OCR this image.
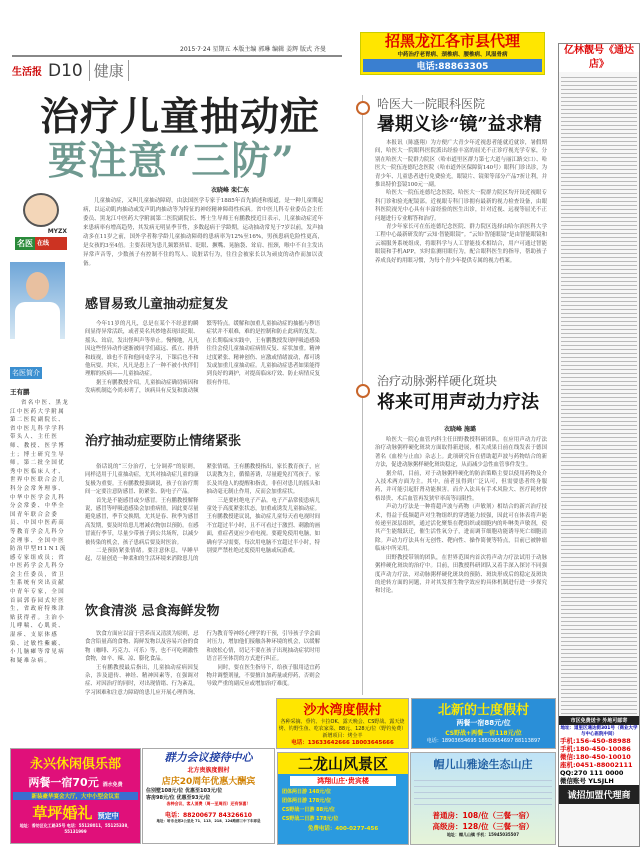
2015·7·24 星期五 本版主编 郭琳 编辑 姜辉 版式 齐曼
生活报 D10 健康
治疗儿童抽动症
要注意“三防”
衣晓峰 栾仁东
MYZX
名医 在线
名医简介
王有鹏
省名中医、黑龙江中医药大学附属第二医院副院长、省中医儿科学学科带头人、主任医师、教授、医学博士；博士研究生导师。第二批全国优秀中医临床人才、世界中医联合会儿科分会常务理事、中华中医学会儿科分会常委、中华全国青年联合会委员、中国中医药高等教育学会儿科分会理事、全国中医防治甲型H1N1流感专家组成员；省中医药学会儿科分会主任委员，省卫生系统有突出贡献中青年专家，全国首届郭春园式好医生，省政府特殊津贴获得者。主治小儿哮喘、心肌炎、湿疹、支原体感染、过敏性紫癜、小儿脑瘫等常见病和疑难杂病。
儿童抽动症，又叫儿童抽动障碍，由法国医学专家于1885年首先描述和报道，是一种儿童期起病，以运动肌肉抽动或发声肌肉抽动等为特征的神经精神障碍性疾病。省中医儿科专业委员会主任委员、黑龙江中医药大学附属第二医院副院长、博士生导师王有鹏教授近日表示，儿童抽动症近年来患病率有增高趋势，其发病无明显季节性，多数起病于学龄期，运动抽动常见于7岁以前，发声抽动多在11岁之前，国外学者称学龄儿童抽动障碍的患病率为12%至16%，男孩患病危险性更高，是女孩的3至4倍。主要表现为患儿频繁挤眉、眨眼、撅嘴、晃脑袋、耸肩、扭颈，喉中不自主发出异常声音等，少数孩子有控制不住的骂人、说脏话行为，往往会被家长以为顽皮的动作而加以责备。
感冒易致儿童抽动症复发

今年11岁的凡凡，总是在某个不经意的瞬间显得异常活跃，或者莫名其妙地表现出眨眼、摇头、耸肩，发出怪叫声等举止。慢慢地，凡凡因这些怪异动作逐渐被同学们疏远、孤立、排挤和歧视，谁也不肯和他同桌学习，下课后也不和他玩耍。其实，凡凡是患上了一种不被小伙伴们理解的疾病——儿童抽动症。

据王有鹏教授介绍，儿童抽动症确切病因和发病机制迄今尚未明了，该病具有反复和波动频繁等特点。缓解和加重儿童抽动症的抽搐与秽语症状并不艰难，难的是控制和防止此病的复发。在长期临床实践中，王有鹏教授发现呼吸道感染往往会使儿童抽动症病情反复、症状加重。精神过度紧张、精神创伤、应激或情绪波动，都可诱发或加重儿童抽动症。儿童抽动症患者如果能得到良好的调护，对提高临床疗效、防止病情反复很有作用。

治疗抽动症要防止情绪紧张

俗话说的“三分治疗，七分调养”的原则，同样适用于儿童抽动症，尤其对抽动症儿童的康复极为重要。王有鹏教授强调说，孩子在治疗期间一定要注意防感冒、防紧张、防电子产品。

首先是不能感冒或少感冒。王有鹏教授解释说，感冒等呼吸道感染会加重病情，因此要尽量避免感冒，季节交换期，尤其是春、秋季为感冒高发期，要及时给患儿增减衣物加以预防。在感冒流行季节，尽量少带孩子到公共场所，以减少被传染的机会，孩子患病后要及时医治。

二是预防紧张情绪。要注意休息，早睡早起，尽量创造一种柔和的生活环境来消除患儿的紧张情绪。王有鹏教授指出，家长教育孩子，应以说教为主，循循善诱，尽量避免打骂孩子。家长及其他人的提醒和指责，非但对患儿的摇头和抽动毫无制止作用，反而会加重症状。

三是要杜绝电子产品。电子产品常使患病儿童处于高度紧张状态，加重或诱发儿童抽动症。王有鹏教授建议说，抽动症儿童每天看电视时间不宜超过半小时，且不可看过于激烈、刺激的画面，重症者更应少看电视。要避免使用电脑，如确有学习需要，每次用电脑不宜超过半小时，特别要严禁杜绝过度使用电脑或玩游戏。

饮食清淡 忌食海鲜发物

饮食方面应以富于营养而又清淡为原则，忌食含铅量高的食物、海鲜发物以及容易兴奋的食物（咖啡、巧克力、可乐）等，也不可吃刺激性食物，如辛、辣、凉、膨化食品。

王有鹏教授最后指出，儿童抽动症病因复杂，涉及遗传、神经、精神因素等，在强调对症、对因治疗的同时，对出现情绪、行为紊乱，学习困难和注意力障碍的患儿应开展心理咨询、行为教育等神经心理学的干预，引导孩子学会面对压力，增加他们接触各种环境的机会，以缓解和放松心情，切记不要在孩子出现抽动症状时用语言甚至体罚的方式进行纠正。

同时，要在医生指导下，给孩子服用适宜药物并调整剂量，不要擅自加药量或停药，否则会导致严重的副反应或增加治疗难度。

哈医大一院眼科医院
暑期义诊“镜”益求精

本报讯（陈盛翔）为方便广大青少年近视患者能就近就诊，暑假期间，哈医大一院眼科医院派出经验丰富的屈光不正诊疗视光学专家，分别在哈医大一院群力院区（哈市道里区群力第七大道与丽江路交口）、哈医大一院伍连德纪念医院（哈市道外区保障街140号）眼科门诊出诊，为青少年、儿童患者进行免费验光，眼镜片、镜架等部分产品7折让利，并推出特价套镜100元一副。

哈医大一院伍连德纪念医院、哈医大一院群力院区均开设近视眼专科门诊和验光配镜部。近视眼专科门诊拥有最新的视力检查设备，由眼科医院视光中心具有丰富经验的医生出诊，针对近视、远视等屈光不正问题进行专业解答和治疗。

青少年家长可在伍连德纪念医院、群力院区选择由哈尔滨医科大学工程中心最新研发的“云知·智能眼镜”。“云知·智能眼镜”是由智能眼镜和云端服务系统组成，将眼科学与人工智能技术相结合，用户可通过智能眼镜和手机APP，实时监测用眼行为，配合眼科医生的指导，帮助孩子养成良好的用眼习惯，为每个青少年提供专属的视力档案。

治疗动脉粥样硬化斑块
将来可用声动力疗法
衣晓峰 施璐

哈医大一院心血管内科主任田野教授科研团队，在应用声动力疗法治疗动脉粥样硬化斑块方面取得新进展，相关成果日前在线发表于德国著名《血栓与止血》杂志上。此项研究旨在借助超声波与药物结合的新方法，促进动脉粥样硬化斑块稳定，从而减少急性血管事件发生。

据介绍，目前，对于动脉粥样硬化的防治策略主要以使用药物及介入技术两方面为主。其中，前者虽得到广泛认可，但需要患者终身服药，并可能引起肝肾功能损害。而介入法具有手术风险大、医疗耗材价格昂贵、术后血管再发狭窄率高等局限性。

声动力疗法是一种将超声波与药物（声敏剂）相结合的新兴治疗技术，得益于低频超声对生物组织的穿透能力较强，因此可在体表将声能传递至深层组织，通过活化聚集在靶组织或细胞内的卟啉类声敏剂，使其产生能级跃迁，催生活性氧分子，进而调节细胞功能诱导死亡细胞清除。声动力疗法具有无创性、靶向性、操作简便等特点，目前已被肿瘤临床中所采用。

田野教授带领的团队，在世界范围内首次将声动力疗法试用于动脉粥样硬化斑块的治疗中。目前，田教授科研团队又着手深入探讨不同强度声动力疗法，对动脉粥样硬化斑块的预防、斑块形成后的稳定及斑块的逆转方面的问题，并对其发挥生物学效应的具体机制进行进一步探究和讨论。

招黑龙江各市县代理
中药治疗老胃病、颈椎病、腰椎病、风湿骨病
电话:88863305
亿林靓号《通达店》
市区免费送卡 外地可邮寄
地址：道里区通达街301号（商业大学与中心医院中间）
手机:156-450-88988
手机:180-450-10086
微信:180-450-10010
座机:0451-88002111
QQ:270 111 0000
微信账号 YLSJLH
诚招加盟代理商
沙水湾度假村
各种采摘、垂钓、卡拉OK、露天晚会、CS野战、露天烧烤、钓野生鱼、吃农家菜、88元、128元/位（野钓免费） 新增项目：烤全羊
电话：13633642666 18003645666
北新的士度假村
两餐一宿88元/位
CS野战+两餐一宿118元/位
电话：18903654695 18503654697 88113897
永兴休闲俱乐部
两餐一宿70元 酒水免费
新装豪华宴会大厅，大中小型会议室
草坪婚礼 预定中
地址：香坊区化工路35号 电话：55128011，55125338，55131999
群力会议接待中心
北方贵族度假村
店庆20周年优惠大酬宾
住别墅108元/位 优惠至103元/位
客房98元/位 优惠至93元/位
各种会议、客人消费（周一至周四）还有惊喜！
电话：88200677 84326610
地址：哈市北郊2公里处 71、113、218、124路群三中下车即是
二龙山风景区
鸿翔山庄·贵宾楼
团体两日游 148元/位
团体两日游 178元/位
CS野战一日游 88元/位
CS野战二日游 178元/位
免费电话：400-0277-456
帽儿山雅途生态山庄
普通房：108/位（三餐一宿）
高级房：128/位（三餐一宿）
地址：帽儿山镇 手机：15945035507
